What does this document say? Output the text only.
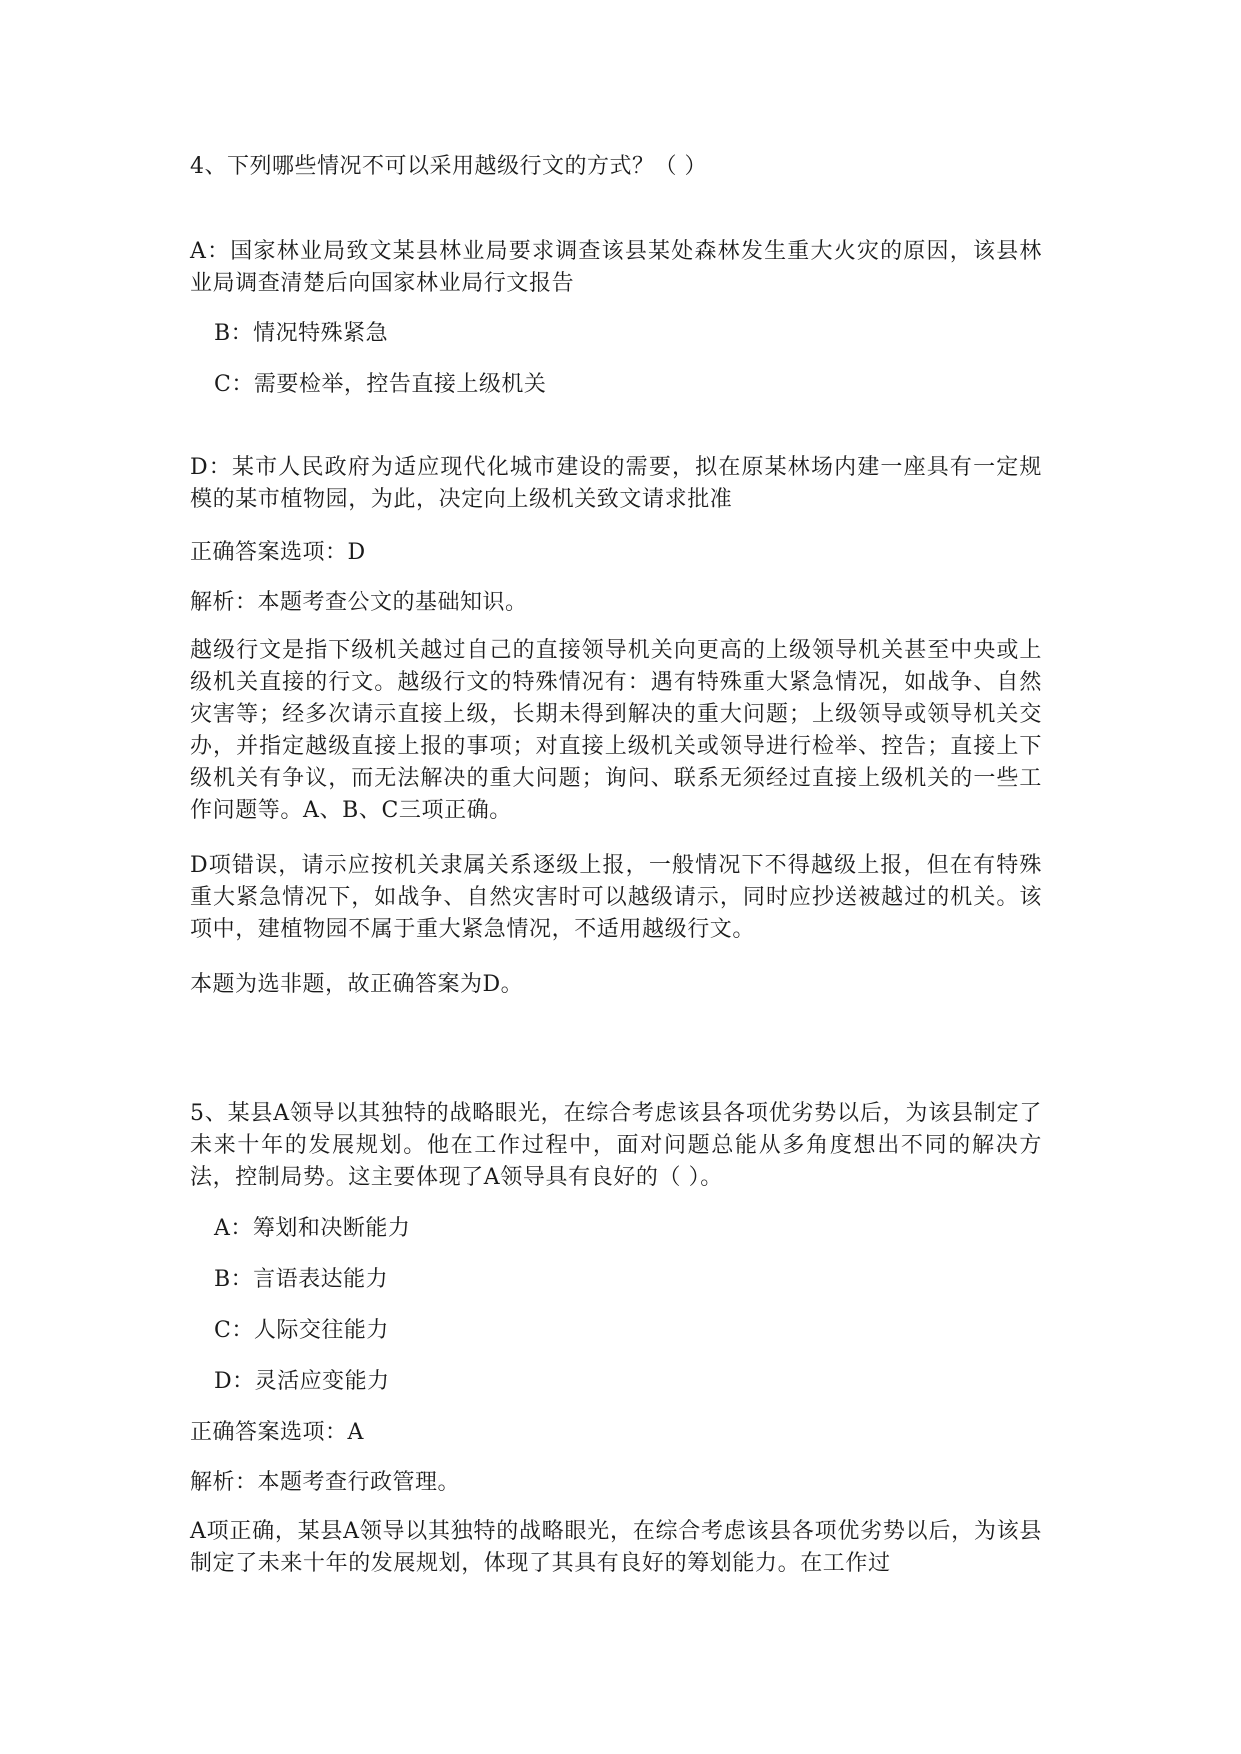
4、下列哪些情况不可以采用越级行文的方式？（ ）
A：国家林业局致文某县林业局要求调查该县某处森林发生重大火灾的原因，该县林业局调查清楚后向国家林业局行文报告
B：情况特殊紧急
C：需要检举，控告直接上级机关
D：某市人民政府为适应现代化城市建设的需要，拟在原某林场内建一座具有一定规模的某市植物园，为此，决定向上级机关致文请求批准
正确答案选项：D
解析：本题考查公文的基础知识。
越级行文是指下级机关越过自己的直接领导机关向更高的上级领导机关甚至中央或上级机关直接的行文。越级行文的特殊情况有：遇有特殊重大紧急情况，如战争、自然灾害等；经多次请示直接上级，长期未得到解决的重大问题；上级领导或领导机关交办，并指定越级直接上报的事项；对直接上级机关或领导进行检举、控告；直接上下级机关有争议，而无法解决的重大问题；询问、联系无须经过直接上级机关的一些工作问题等。A、B、C三项正确。
D项错误，请示应按机关隶属关系逐级上报，一般情况下不得越级上报，但在有特殊重大紧急情况下，如战争、自然灾害时可以越级请示，同时应抄送被越过的机关。该项中，建植物园不属于重大紧急情况，不适用越级行文。
本题为选非题，故正确答案为D。
5、某县A领导以其独特的战略眼光，在综合考虑该县各项优劣势以后，为该县制定了未来十年的发展规划。他在工作过程中，面对问题总能从多角度想出不同的解决方法，控制局势。这主要体现了A领导具有良好的（ ）。
A：筹划和决断能力
B：言语表达能力
C：人际交往能力
D：灵活应变能力
正确答案选项：A
解析：本题考查行政管理。
A项正确，某县A领导以其独特的战略眼光，在综合考虑该县各项优劣势以后，为该县制定了未来十年的发展规划，体现了其具有良好的筹划能力。在工作过
